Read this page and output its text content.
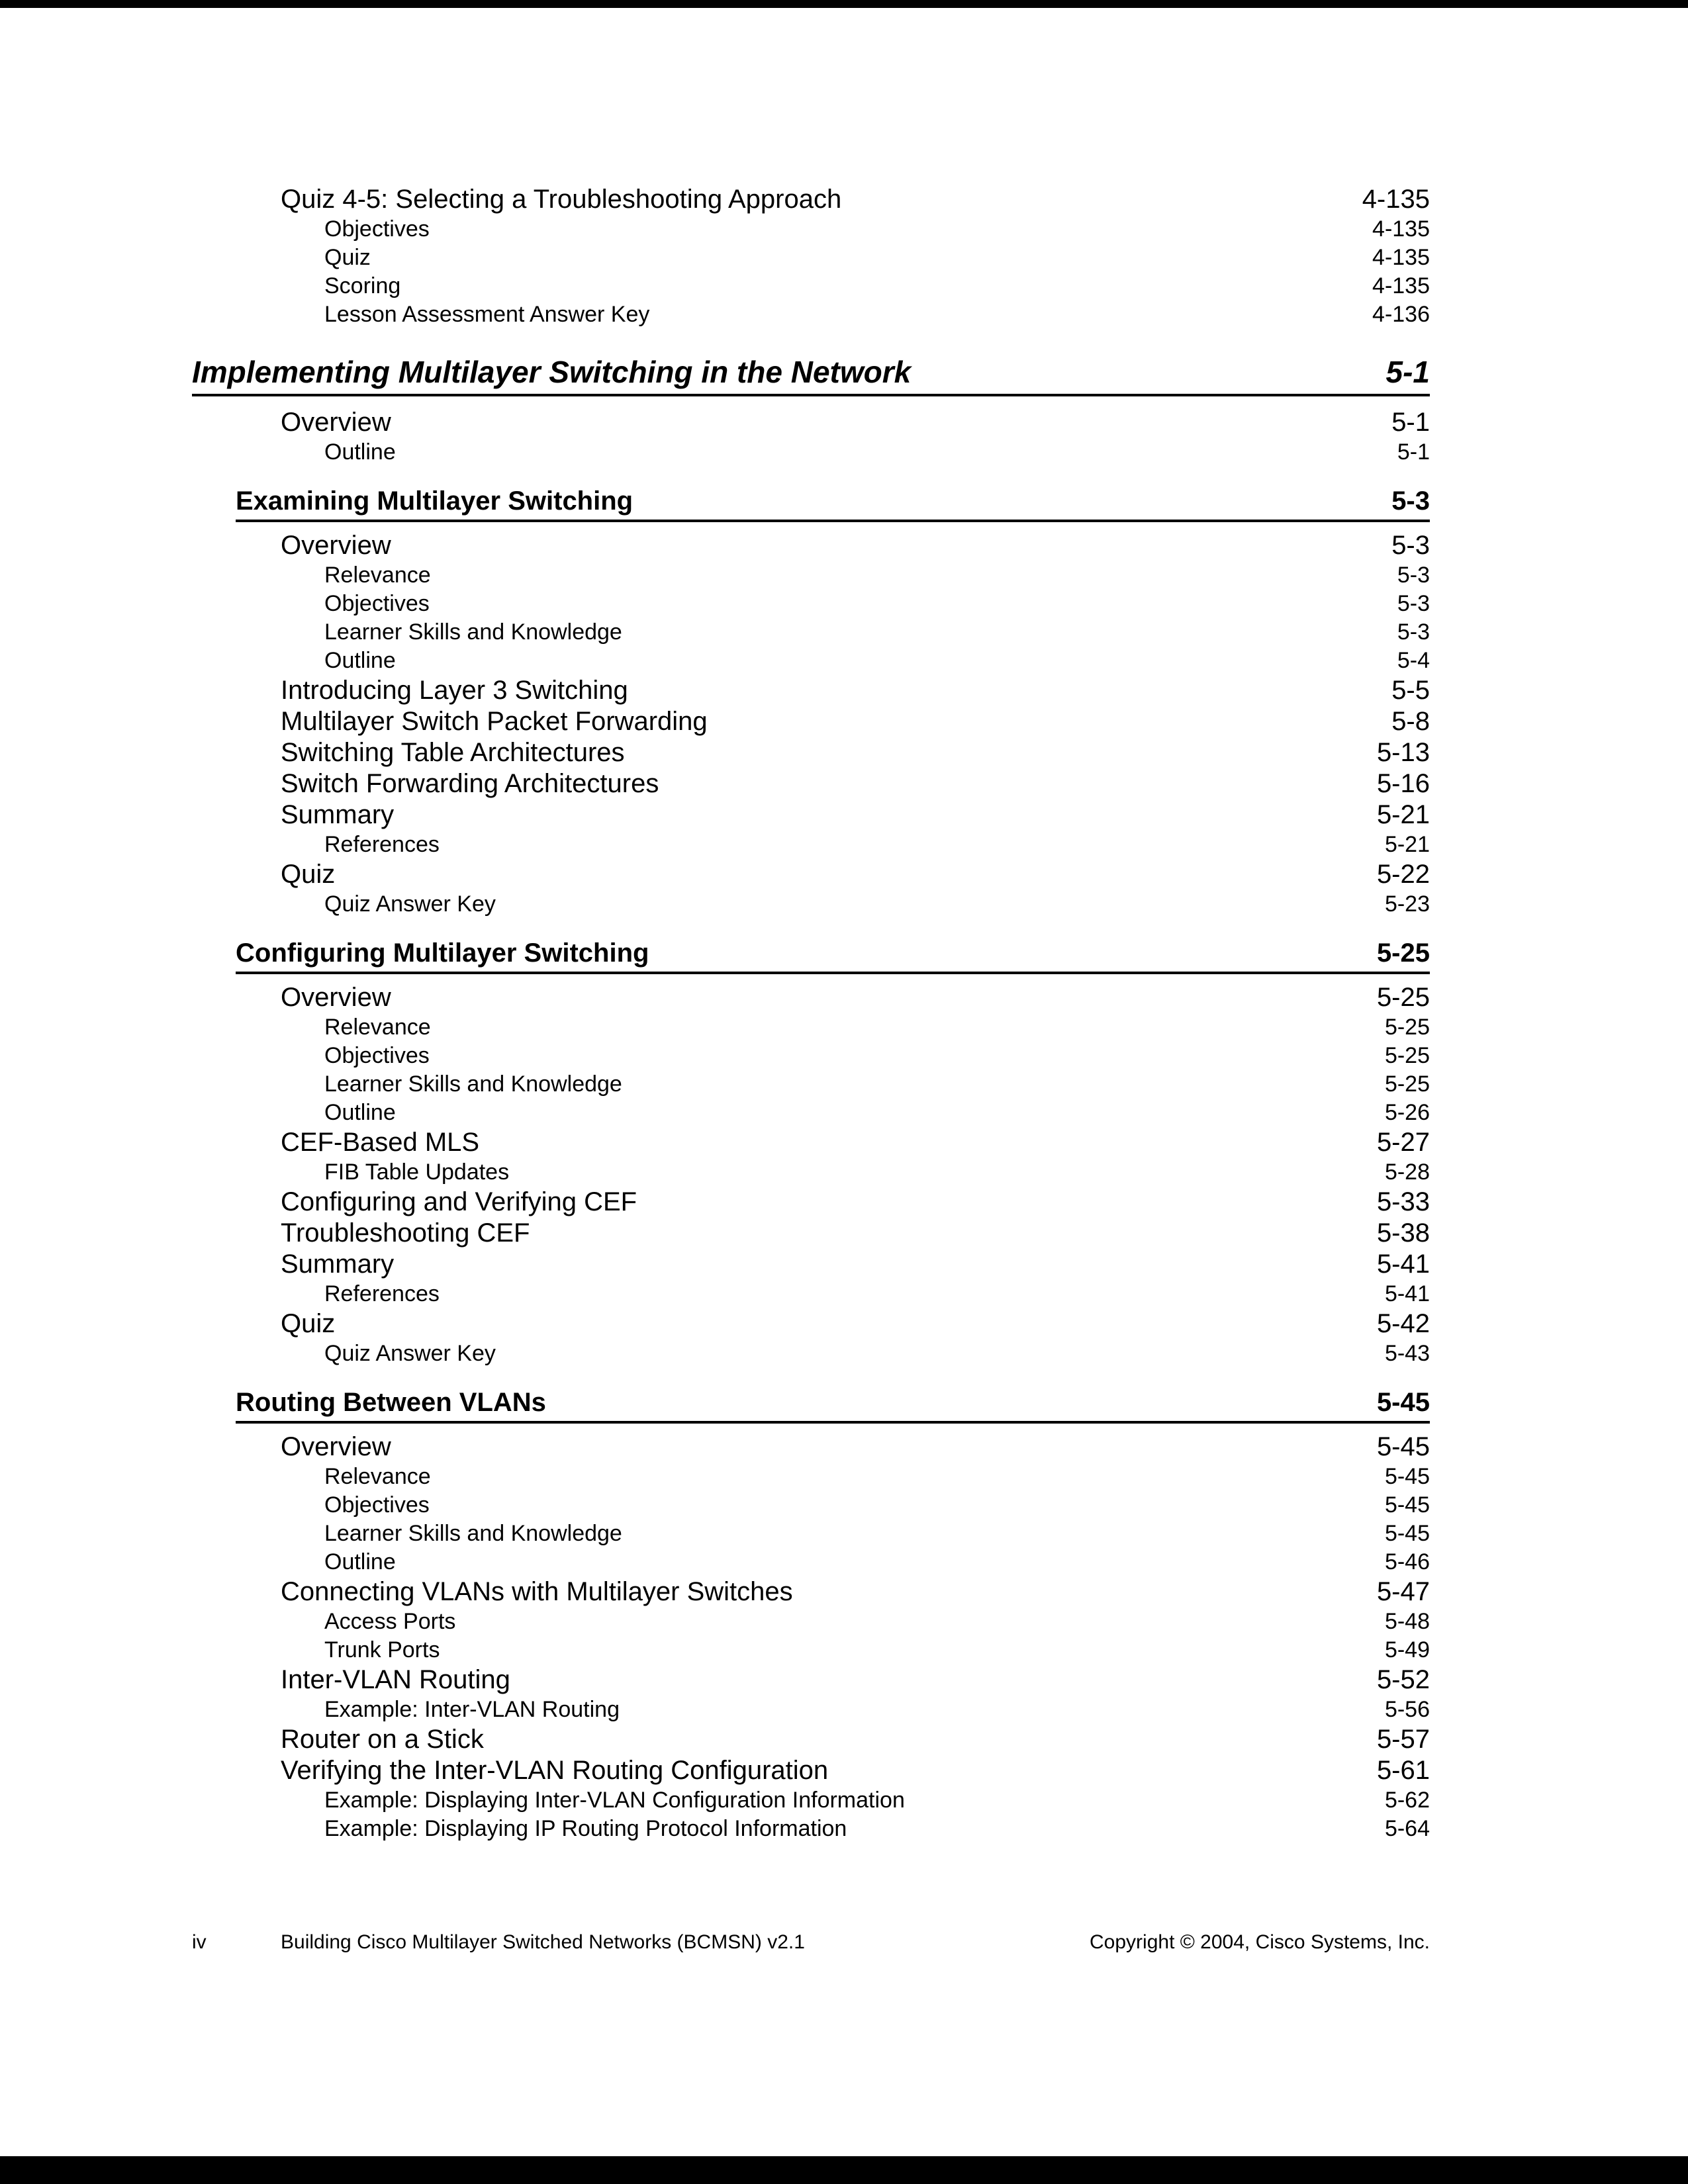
Quiz 4-5: Selecting a Troubleshooting Approach	4-135
Objectives	4-135
Quiz	4-135
Scoring	4-135
Lesson Assessment Answer Key	4-136
Implementing Multilayer Switching in the Network	5-1
Overview	5-1
Outline	5-1
Examining Multilayer Switching	5-3
Overview	5-3
Relevance	5-3
Objectives	5-3
Learner Skills and Knowledge	5-3
Outline	5-4
Introducing Layer 3 Switching	5-5
Multilayer Switch Packet Forwarding	5-8
Switching Table Architectures	5-13
Switch Forwarding Architectures	5-16
Summary	5-21
References	5-21
Quiz	5-22
Quiz Answer Key	5-23
Configuring Multilayer Switching	5-25
Overview	5-25
Relevance	5-25
Objectives	5-25
Learner Skills and Knowledge	5-25
Outline	5-26
CEF-Based MLS	5-27
FIB Table Updates	5-28
Configuring and Verifying CEF	5-33
Troubleshooting CEF	5-38
Summary	5-41
References	5-41
Quiz	5-42
Quiz Answer Key	5-43
Routing Between VLANs	5-45
Overview	5-45
Relevance	5-45
Objectives	5-45
Learner Skills and Knowledge	5-45
Outline	5-46
Connecting VLANs with Multilayer Switches	5-47
Access Ports	5-48
Trunk Ports	5-49
Inter-VLAN Routing	5-52
Example: Inter-VLAN Routing	5-56
Router on a Stick	5-57
Verifying the Inter-VLAN Routing Configuration	5-61
Example: Displaying Inter-VLAN Configuration Information	5-62
Example: Displaying IP Routing Protocol Information	5-64
iv	Building Cisco Multilayer Switched Networks (BCMSN) v2.1	Copyright © 2004, Cisco Systems, Inc.
